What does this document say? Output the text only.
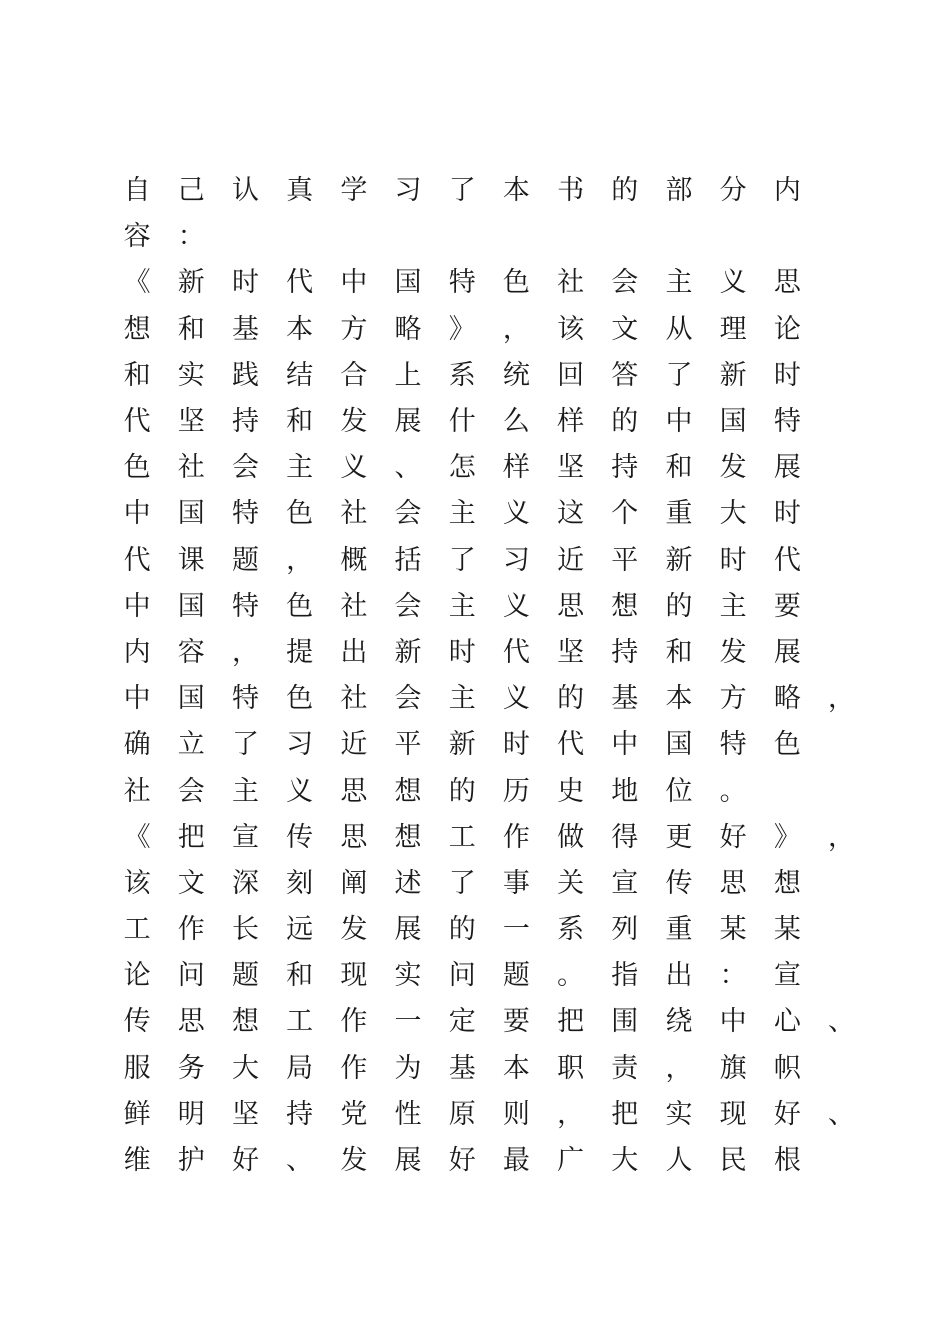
自	己	认	真	学	习	了	本	书	的	部	分	内
容	：
《	新	时	代	中	国	特	色	社	会	主	义	思
想	和	基	本	方	略	》	，	该	文	从	理	论
和	实	践	结	合	上	系	统	回	答	了	新	时
代	坚	持	和	发	展	什	么	样	的	中	国	特
色	社	会	主	义	、	怎	样	坚	持	和	发	展
中	国	特	色	社	会	主	义	这	个	重	大	时
代	课	题	，	概	括	了	习	近	平	新	时	代
中	国	特	色	社	会	主	义	思	想	的	主	要
内	容	，	提	出	新	时	代	坚	持	和	发	展
中	国	特	色	社	会	主	义	的	基	本	方	略	，
确	立	了	习	近	平	新	时	代	中	国	特	色
社	会	主	义	思	想	的	历	史	地	位	。
《	把	宣	传	思	想	工	作	做	得	更	好	》	，
该	文	深	刻	阐	述	了	事	关	宣	传	思	想
工	作	长	远	发	展	的	一	系	列	重	某	某
论	问	题	和	现	实	问	题	。	指	出	：	宣
传	思	想	工	作	一	定	要	把	围	绕	中	心	、
服	务	大	局	作	为	基	本	职	责	，	旗	帜
鲜	明	坚	持	党	性	原	则	，	把	实	现	好	、
维	护	好	、	发	展	好	最	广	大	人	民	根
